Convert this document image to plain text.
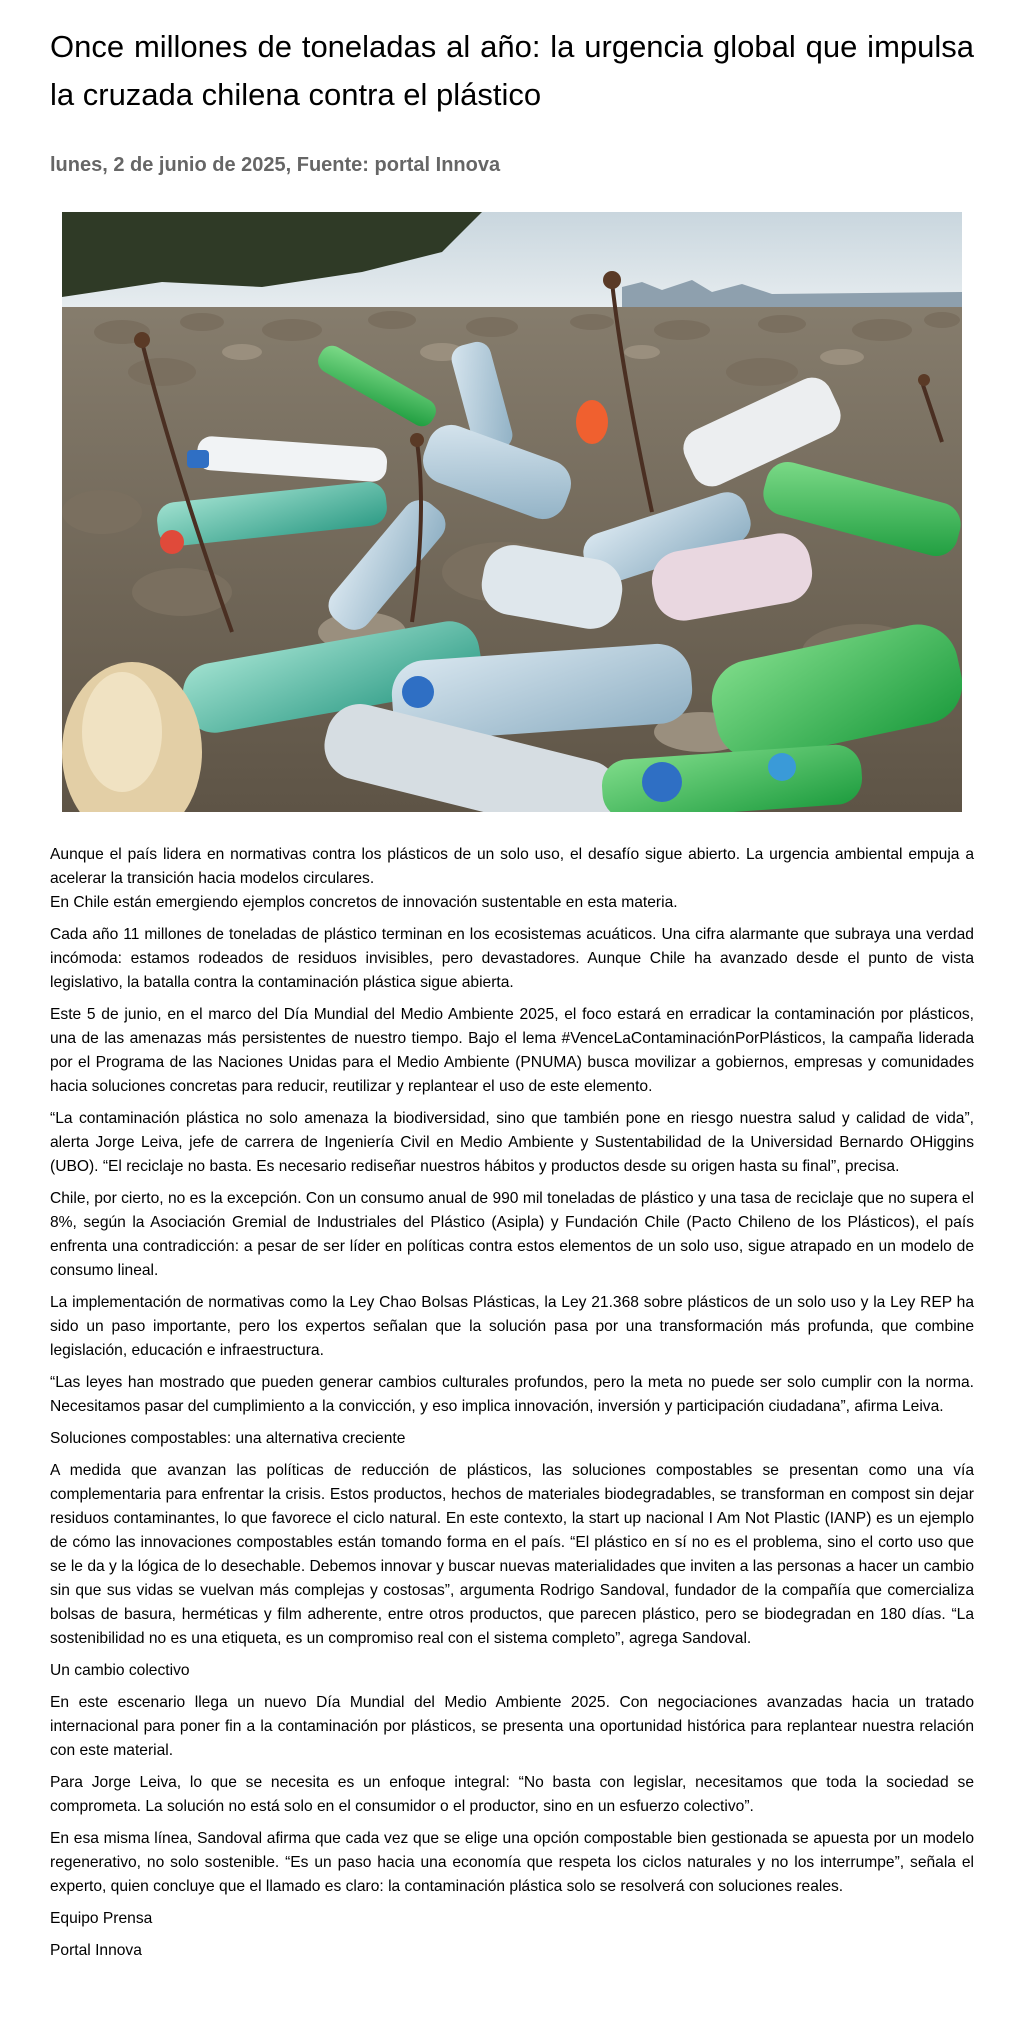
Once millones de toneladas al año: la urgencia global que impulsa la cruzada chilena contra el plástico

lunes, 2 de junio de 2025, Fuente: portal Innova

Aunque el país lidera en normativas contra los plásticos de un solo uso, el desafío sigue abierto. La urgencia ambiental empuja a acelerar la transición hacia modelos circulares.
En Chile están emergiendo ejemplos concretos de innovación sustentable en esta materia.

Cada año 11 millones de toneladas de plástico terminan en los ecosistemas acuáticos. Una cifra alarmante que subraya una verdad incómoda: estamos rodeados de residuos invisibles, pero devastadores. Aunque Chile ha avanzado desde el punto de vista legislativo, la batalla contra la contaminación plástica sigue abierta.

Este 5 de junio, en el marco del Día Mundial del Medio Ambiente 2025, el foco estará en erradicar la contaminación por plásticos, una de las amenazas más persistentes de nuestro tiempo. Bajo el lema #VenceLaContaminaciónPorPlásticos, la campaña liderada por el Programa de las Naciones Unidas para el Medio Ambiente (PNUMA) busca movilizar a gobiernos, empresas y comunidades hacia soluciones concretas para reducir, reutilizar y replantear el uso de este elemento.

“La contaminación plástica no solo amenaza la biodiversidad, sino que también pone en riesgo nuestra salud y calidad de vida”, alerta Jorge Leiva, jefe de carrera de Ingeniería Civil en Medio Ambiente y Sustentabilidad de la Universidad Bernardo OHiggins (UBO). “El reciclaje no basta. Es necesario rediseñar nuestros hábitos y productos desde su origen hasta su final”, precisa.

Chile, por cierto, no es la excepción. Con un consumo anual de 990 mil toneladas de plástico y una tasa de reciclaje que no supera el 8%, según la Asociación Gremial de Industriales del Plástico (Asipla) y Fundación Chile (Pacto Chileno de los Plásticos), el país enfrenta una contradicción: a pesar de ser líder en políticas contra estos elementos de un solo uso, sigue atrapado en un modelo de consumo lineal.

La implementación de normativas como la Ley Chao Bolsas Plásticas, la Ley 21.368 sobre plásticos de un solo uso y la Ley REP ha sido un paso importante, pero los expertos señalan que la solución pasa por una transformación más profunda, que combine legislación, educación e infraestructura.

“Las leyes han mostrado que pueden generar cambios culturales profundos, pero la meta no puede ser solo cumplir con la norma. Necesitamos pasar del cumplimiento a la convicción, y eso implica innovación, inversión y participación ciudadana”, afirma Leiva.

Soluciones compostables: una alternativa creciente

A medida que avanzan las políticas de reducción de plásticos, las soluciones compostables se presentan como una vía complementaria para enfrentar la crisis. Estos productos, hechos de materiales biodegradables, se transforman en compost sin dejar residuos contaminantes, lo que favorece el ciclo natural. En este contexto, la start up nacional I Am Not Plastic (IANP) es un ejemplo de cómo las innovaciones compostables están tomando forma en el país. “El plástico en sí no es el problema, sino el corto uso que se le da y la lógica de lo desechable. Debemos innovar y buscar nuevas materialidades que inviten a las personas a hacer un cambio sin que sus vidas se vuelvan más complejas y costosas”, argumenta Rodrigo Sandoval, fundador de la compañía que comercializa bolsas de basura, herméticas y film adherente, entre otros productos, que parecen plástico, pero se biodegradan en 180 días. “La sostenibilidad no es una etiqueta, es un compromiso real con el sistema completo”, agrega Sandoval.

Un cambio colectivo

En este escenario llega un nuevo Día Mundial del Medio Ambiente 2025. Con negociaciones avanzadas hacia un tratado internacional para poner fin a la contaminación por plásticos, se presenta una oportunidad histórica para replantear nuestra relación con este material.

Para Jorge Leiva, lo que se necesita es un enfoque integral: “No basta con legislar, necesitamos que toda la sociedad se comprometa. La solución no está solo en el consumidor o el productor, sino en un esfuerzo colectivo”.

En esa misma línea, Sandoval afirma que cada vez que se elige una opción compostable bien gestionada se apuesta por un modelo regenerativo, no solo sostenible. “Es un paso hacia una economía que respeta los ciclos naturales y no los interrumpe”, señala el experto, quien concluye que el llamado es claro: la contaminación plástica solo se resolverá con soluciones reales.

Equipo Prensa

Portal Innova
